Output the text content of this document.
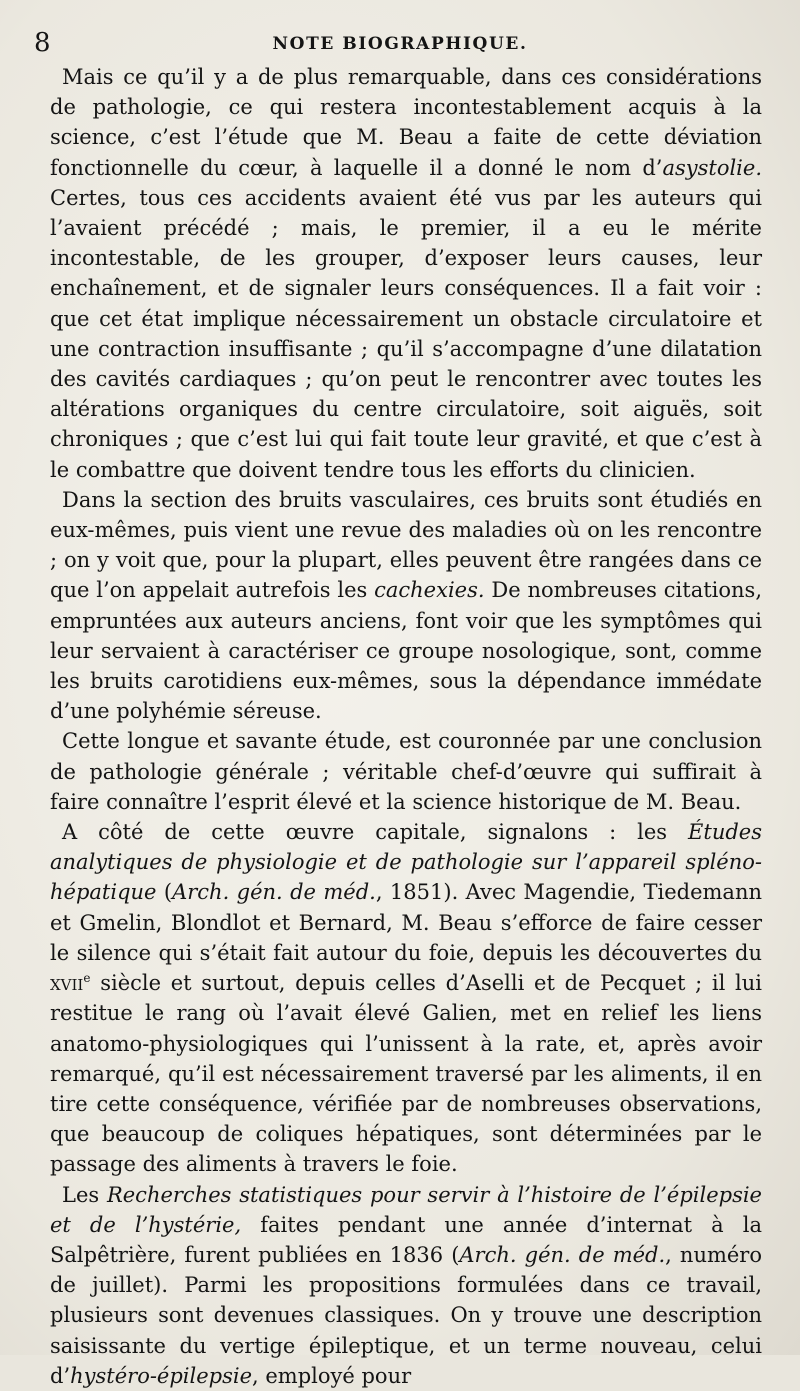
8	NOTE BIOGRAPHIQUE.

Mais ce qu’il y a de plus remarquable, dans ces considérations de pathologie, ce qui restera incontestablement acquis à la science, c’est l’étude que M. Beau a faite de cette déviation fonctionnelle du cœur, à laquelle il a donné le nom d’asystolie. Certes, tous ces accidents avaient été vus par les auteurs qui l’avaient précédé ; mais, le premier, il a eu le mérite incontestable, de les grouper, d’exposer leurs causes, leur enchaînement, et de signaler leurs conséquences. Il a fait voir : que cet état implique nécessairement un obstacle circulatoire et une contraction insuffisante ; qu’il s’accompagne d’une dilatation des cavités cardiaques ; qu’on peut le rencontrer avec toutes les altérations organiques du centre circulatoire, soit aiguës, soit chroniques ; que c’est lui qui fait toute leur gravité, et que c’est à le combattre que doivent tendre tous les efforts du clinicien.

Dans la section des bruits vasculaires, ces bruits sont étudiés en eux-mêmes, puis vient une revue des maladies où on les rencontre ; on y voit que, pour la plupart, elles peuvent être rangées dans ce que l’on appelait autrefois les cachexies. De nombreuses citations, empruntées aux auteurs anciens, font voir que les symptômes qui leur servaient à caractériser ce groupe nosologique, sont, comme les bruits carotidiens eux-mêmes, sous la dépendance immédate d’une polyhémie séreuse.

Cette longue et savante étude, est couronnée par une conclusion de pathologie générale ; véritable chef-d’œuvre qui suffirait à faire connaître l’esprit élevé et la science historique de M. Beau.

A côté de cette œuvre capitale, signalons : les Études analytiques de physiologie et de pathologie sur l’appareil spléno-hépatique (Arch. gén. de méd., 1851). Avec Magendie, Tiedemann et Gmelin, Blondlot et Bernard, M. Beau s’efforce de faire cesser le silence qui s’était fait autour du foie, depuis les découvertes du xvii$^e$ siècle et surtout, depuis celles d’Aselli et de Pecquet ; il lui restitue le rang où l’avait élevé Galien, met en relief les liens anatomo-physiologiques qui l’unissent à la rate, et, après avoir remarqué, qu’il est nécessairement traversé par les aliments, il en tire cette conséquence, vérifiée par de nombreuses observations, que beaucoup de coliques hépatiques, sont déterminées par le passage des aliments à travers le foie.

Les Recherches statistiques pour servir à l’histoire de l’épilepsie et de l’hystérie, faites pendant une année d’internat à la Salpêtrière, furent publiées en 1836 (Arch. gén. de méd., numéro de juillet). Parmi les propositions formulées dans ce travail, plusieurs sont devenues classiques. On y trouve une description saisissante du vertige épileptique, et un terme nouveau, celui d’hystéro-épilepsie, employé pour
